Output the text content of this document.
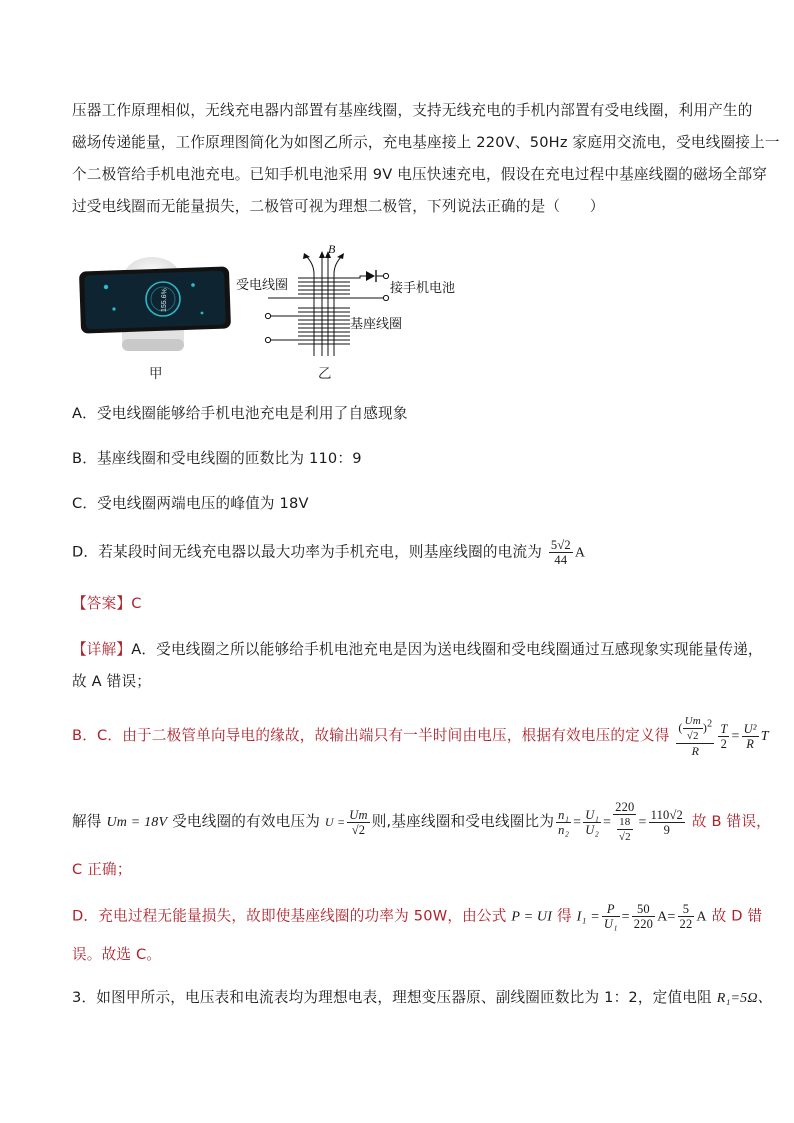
压器工作原理相似，无线充电器内部置有基座线圈，支持无线充电的手机内部置有受电线圈，利用产生的
磁场传递能量，工作原理图简化为如图乙所示，充电基座接上 220V、50Hz 家庭用交流电，受电线圈接上一
个二极管给手机电池充电。已知手机电池采用 9V 电压快速充电，假设在充电过程中基座线圈的磁场全部穿
过受电线圈而无能量损失，二极管可视为理想二极管，下列说法正确的是（　　）
155.6%
甲
B
受电线圈
基座线圈
接手机电池
乙
A．受电线圈能够给手机电池充电是利用了自感现象
B．基座线圈和受电线圈的匝数比为 110：9
C．受电线圈两端电压的峰值为 18V
D．若某段时间无线充电器以最大功率为手机充电，则基座线圈的电流为 $\frac{5√2}{44}$ A
【答案】C
【详解】A．受电线圈之所以能够给手机电池充电是因为送电线圈和受电线圈通过互感现象实现能量传递，
故 A 错误；
B．C．由于二极管单向导电的缘故，故输出端只有一半时间由电压，根据有效电压的定义得 $\frac{( \frac{Um}{√2} )^2}{R} \frac{T}{2} = \frac{\text{U²}}{R}$ T
解得 Um = 18V 受电线圈的有效电压为 $U = \frac{Um}{√2}$ 则,基座线圈和受电线圈比为 $\frac{\text{n₁}}{\text{n₂}} = \frac{\text{U₁}}{\text{U₂}} = \frac{220}{\frac{18}{√2}} = \frac{110√2}{9}$ 故 B 错误，
C 正确；
D．充电过程无能量损失，故即使基座线圈的功率为 50W，由公式 P = UI 得 $I_1 = \frac{P}{\text{U₁}} = \frac{50}{220} A= \frac{5}{22}$ A 故 D 错
误。故选 C。
3．如图甲所示，电压表和电流表均为理想电表，理想变压器原、副线圈匝数比为 1：2，定值电阻 R₁=5Ω、
